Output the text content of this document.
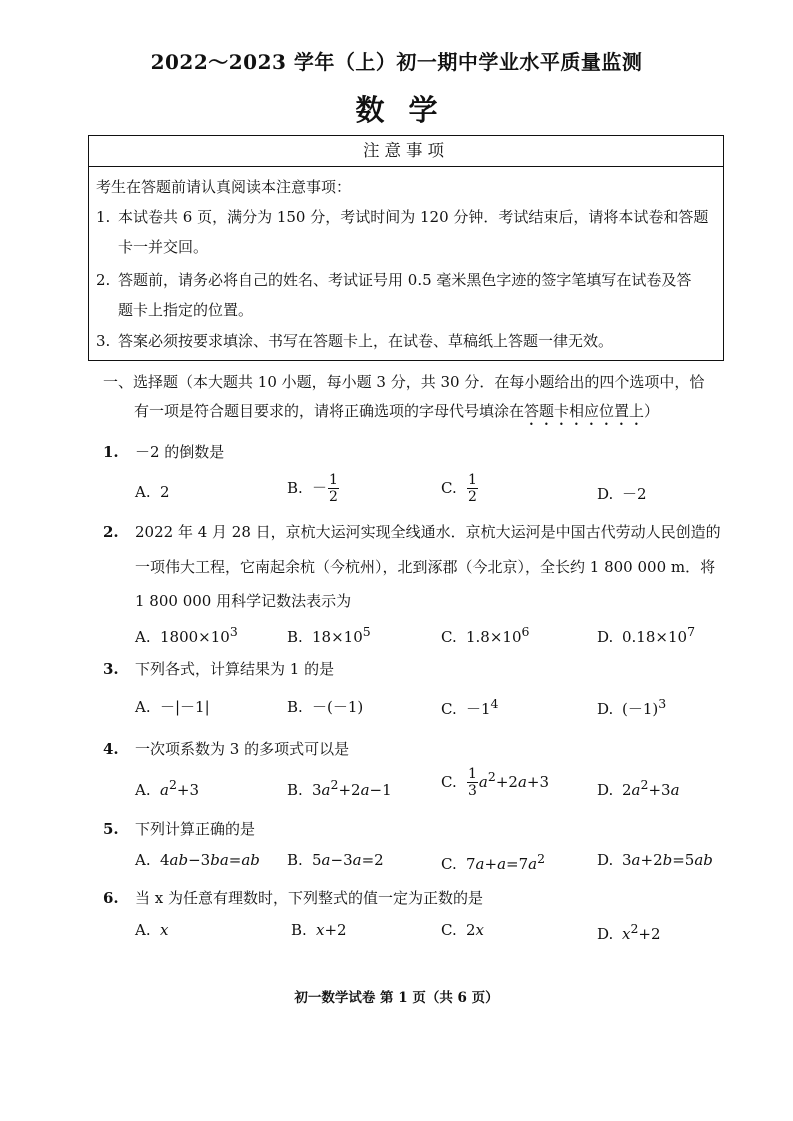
2022～2023 学年（上）初一期中学业水平质量监测
数学
注意事项
考生在答题前请认真阅读本注意事项：
1. 本试卷共 6 页，满分为 150 分，考试时间为 120 分钟．考试结束后，请将本试卷和答题
卡一并交回。
2. 答题前，请务必将自己的姓名、考试证号用 0.5 毫米黑色字迹的签字笔填写在试卷及答
题卡上指定的位置。
3. 答案必须按要求填涂、书写在答题卡上，在试卷、草稿纸上答题一律无效。
一、选择题（本大题共 10 小题，每小题 3 分，共 30 分．在每小题给出的四个选项中，恰
有一项是符合题目要求的，请将正确选项的字母代号填涂在答题卡相应位置上）
1. －2 的倒数是
A. 2	B. － $\frac{1}{2}$	C. $\frac{1}{2}$	D. －2
2. 2022 年 4 月 28 日，京杭大运河实现全线通水．京杭大运河是中国古代劳动人民创造的
一项伟大工程，它南起余杭（今杭州），北到涿郡（今北京），全长约 1 800 000 m．将
1 800 000 用科学记数法表示为
A. $1800\times 10^3$	B. $18\times 10^5$	C. $1.8\times 10^6$	D. $0.18\times 10^7$
3. 下列各式，计算结果为 1 的是
A. －|－1|	B. －(－1)	C. $-1^4$	D. $(-1)^3$
4. 一次项系数为 3 的多项式可以是
A. $a^2+3$	B. $3a^2+2a-1$	C. $\frac{1}{3} a^2+2a+3$	D. $2a^2+3a$
5. 下列计算正确的是
A. 4ab−3ba=ab B. 5a−3a=2	C. $7a+a=7a^2$	D. 3a+2b=5ab
6. 当 x 为任意有理数时，下列整式的值一定为正数的是
A. x	B. x+2	C. 2x	D. $x^2+2$
初一数学试卷 第 1 页（共 6 页）
